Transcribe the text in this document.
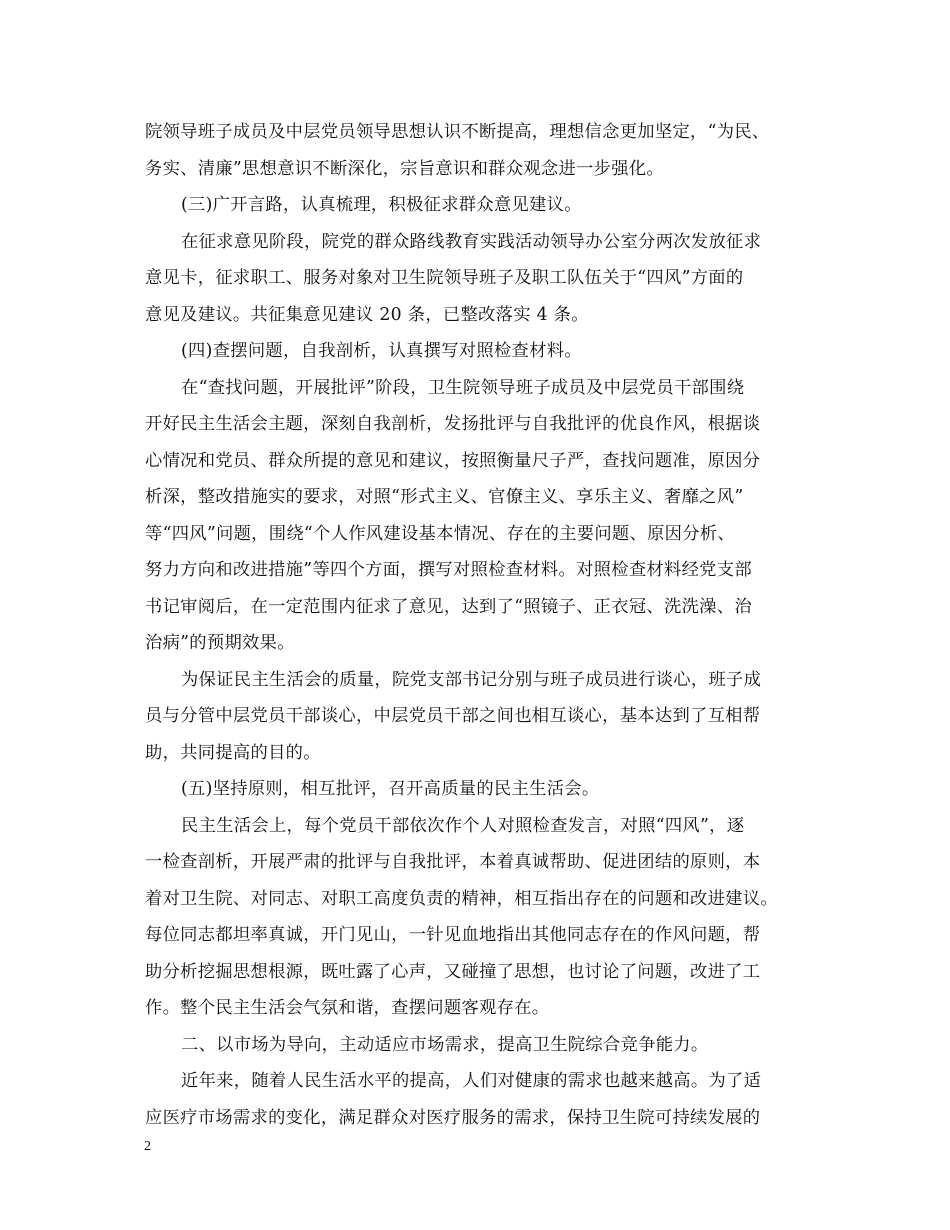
院领导班子成员及中层党员领导思想认识不断提高，理想信念更加坚定，“为民、
务实、清廉”思想意识不断深化，宗旨意识和群众观念进一步强化。
(三)广开言路，认真梳理，积极征求群众意见建议。
在征求意见阶段，院党的群众路线教育实践活动领导办公室分两次发放征求
意见卡，征求职工、服务对象对卫生院领导班子及职工队伍关于“四风”方面的
意见及建议。共征集意见建议 20 条，已整改落实 4 条。
(四)查摆问题，自我剖析，认真撰写对照检查材料。
在“查找问题，开展批评”阶段，卫生院领导班子成员及中层党员干部围绕
开好民主生活会主题，深刻自我剖析，发扬批评与自我批评的优良作风，根据谈
心情况和党员、群众所提的意见和建议，按照衡量尺子严，查找问题准，原因分
析深，整改措施实的要求，对照“形式主义、官僚主义、享乐主义、奢靡之风”
等“四风”问题，围绕“个人作风建设基本情况、存在的主要问题、原因分析、
努力方向和改进措施”等四个方面，撰写对照检查材料。对照检查材料经党支部
书记审阅后，在一定范围内征求了意见，达到了“照镜子、正衣冠、洗洗澡、治
治病”的预期效果。
为保证民主生活会的质量，院党支部书记分别与班子成员进行谈心，班子成
员与分管中层党员干部谈心，中层党员干部之间也相互谈心，基本达到了互相帮
助，共同提高的目的。
(五)坚持原则，相互批评，召开高质量的民主生活会。
民主生活会上，每个党员干部依次作个人对照检查发言，对照“四风”，逐
一检查剖析，开展严肃的批评与自我批评，本着真诚帮助、促进团结的原则，本
着对卫生院、对同志、对职工高度负责的精神，相互指出存在的问题和改进建议。
每位同志都坦率真诚，开门见山，一针见血地指出其他同志存在的作风问题，帮
助分析挖掘思想根源，既吐露了心声，又碰撞了思想，也讨论了问题，改进了工
作。整个民主生活会气氛和谐，查摆问题客观存在。
二、以市场为导向，主动适应市场需求，提高卫生院综合竞争能力。
近年来，随着人民生活水平的提高，人们对健康的需求也越来越高。为了适
应医疗市场需求的变化，满足群众对医疗服务的需求，保持卫生院可持续发展的
2
